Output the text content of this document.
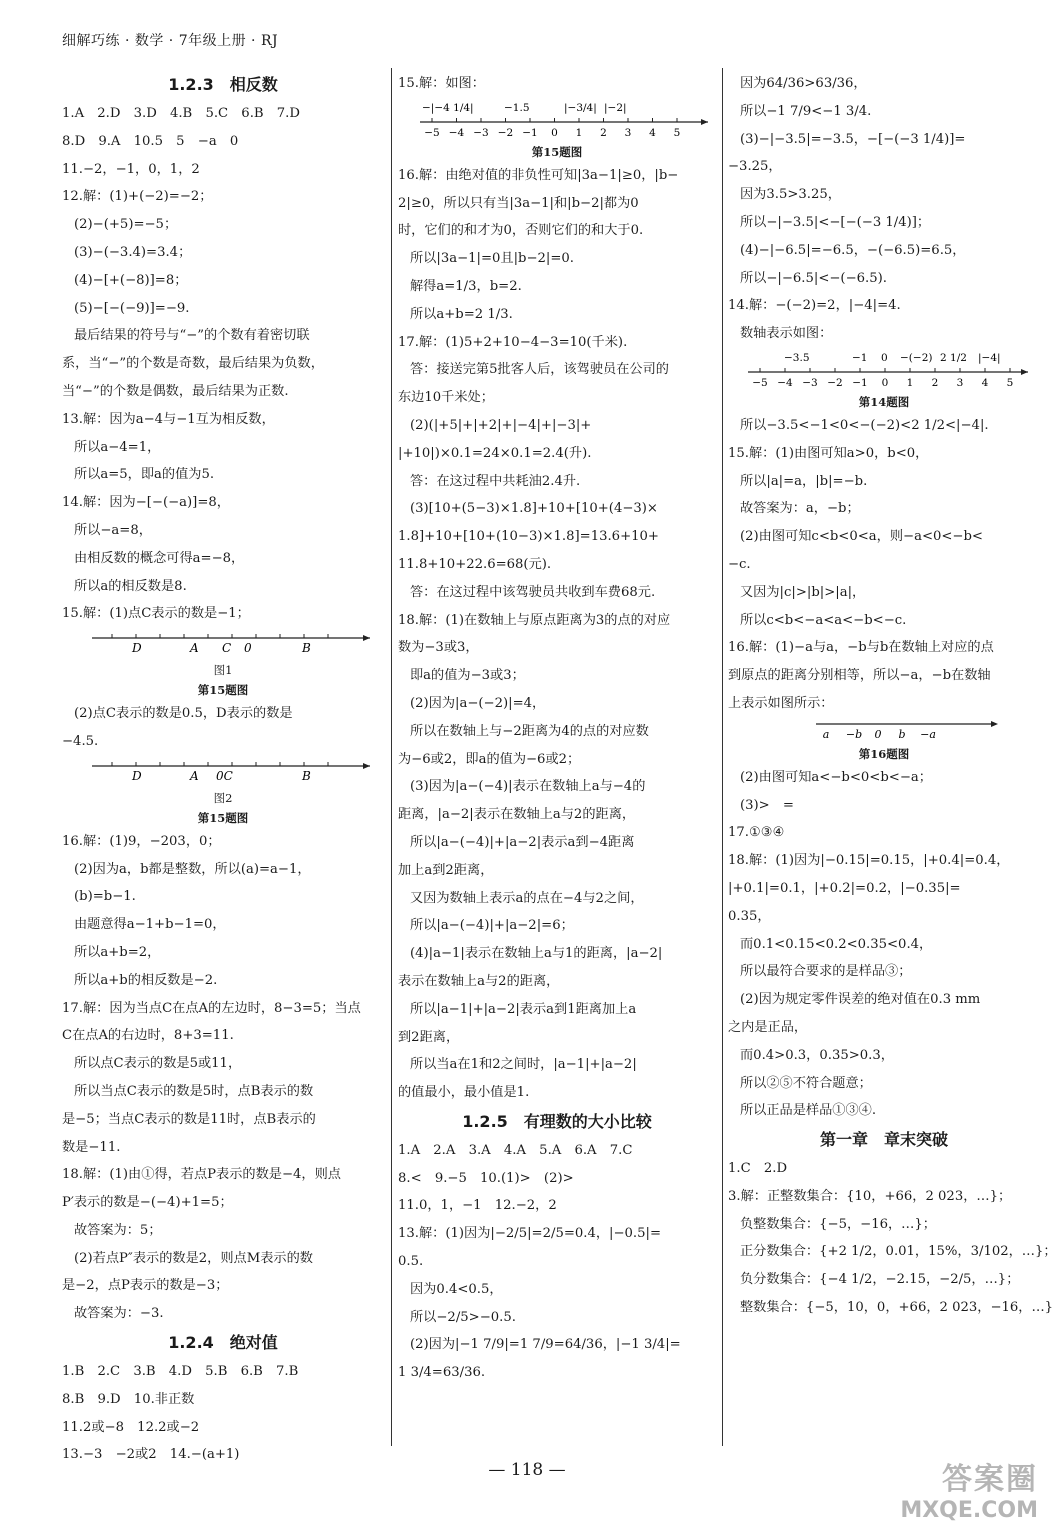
细解巧练 · 数学 · 7年级上册 · RJ
1.2.3　相反数
1.A　2.D　3.D　4.B　5.C　6.B　7.D
8.D　9.A　10.5　5　−a　0
11.−2，−1，0，1，2
12.解：(1)+(−2)=−2；
(2)−(+5)=−5；
(3)−(−3.4)=3.4；
(4)−[+(−8)]=8；
(5)−[−(−9)]=−9.
最后结果的符号与“−”的个数有着密切联
系，当“−”的个数是奇数，最后结果为负数，
当“−”的个数是偶数，最后结果为正数.
13.解：因为a−4与−1互为相反数，
所以a−4=1，
所以a=5，即a的值为5.
14.解：因为−[−(−a)]=8，
所以−a=8，
由相反数的概念可得a=−8，
所以a的相反数是8.
15.解：(1)点C表示的数是−1；
D	A C 0	B
图1
第15题图
(2)点C表示的数是0.5，D表示的数是
−4.5.
D	A 0C	B
图2
第15题图
16.解：(1)9，−203，0；
(2)因为a，b都是整数，所以(a)=a−1，
(b)=b−1.
由题意得a−1+b−1=0，
所以a+b=2，
所以a+b的相反数是−2.
17.解：因为当点C在点A的左边时，8−3=5；当点
C在点A的右边时，8+3=11.
所以点C表示的数是5或11，
所以当点C表示的数是5时，点B表示的数
是−5；当点C表示的数是11时，点B表示的
数是−11.
18.解：(1)由①得，若点P表示的数是−4，则点
P′表示的数是−(−4)+1=5；
故答案为：5；
(2)若点P″表示的数是2，则点M表示的数
是−2，点P表示的数是−3；
故答案为：−3.
1.2.4　绝对值
1.B　2.C　3.B　4.D　5.B　6.B　7.B
8.B　9.D　10.非正数
11.2或−8　12.2或−2
13.−3　−2或2　14.−(a+1)
15.解：如图：
−|−4 1/4|	−1.5	|−3/4| |−2|
−5 −4 −3 −2 −1 0 1 2 3 4 5
第15题图
16.解：由绝对值的非负性可知|3a−1|≥0，|b−
2|≥0，所以只有当|3a−1|和|b−2|都为0
时，它们的和才为0，否则它们的和大于0.
所以|3a−1|=0且|b−2|=0.
解得a=1/3，b=2.
所以a+b=2 1/3.
17.解：(1)5+2+10−4−3=10(千米).
答：接送完第5批客人后，该驾驶员在公司的
东边10千米处；
(2)(|+5|+|+2|+|−4|+|−3|+
|+10|)×0.1=24×0.1=2.4(升).
答：在这过程中共耗油2.4升.
(3)[10+(5−3)×1.8]+10+[10+(4−3)×
1.8]+10+[10+(10−3)×1.8]=13.6+10+
11.8+10+22.6=68(元).
答：在这过程中该驾驶员共收到车费68元.
18.解：(1)在数轴上与原点距离为3的点的对应
数为−3或3，
即a的值为−3或3；
(2)因为|a−(−2)|=4，
所以在数轴上与−2距离为4的点的对应数
为−6或2，即a的值为−6或2；
(3)因为|a−(−4)|表示在数轴上a与−4的
距离，|a−2|表示在数轴上a与2的距离，
所以|a−(−4)|+|a−2|表示a到−4距离
加上a到2距离，
又因为数轴上表示a的点在−4与2之间，
所以|a−(−4)|+|a−2|=6；
(4)|a−1|表示在数轴上a与1的距离，|a−2|
表示在数轴上a与2的距离，
所以|a−1|+|a−2|表示a到1距离加上a
到2距离，
所以当a在1和2之间时，|a−1|+|a−2|
的值最小，最小值是1.
1.2.5　有理数的大小比较
1.A　2.A　3.A　4.A　5.A　6.A　7.C
8.<　9.−5　10.(1)>　(2)>
11.0，1，−1　12.−2，2
13.解：(1)因为|−2/5|=2/5=0.4，|−0.5|=
0.5.
因为0.4<0.5，
所以−2/5>−0.5.
(2)因为|−1 7/9|=1 7/9=64/36，|−1 3/4|=
1 3/4=63/36.
因为64/36>63/36，
所以−1 7/9<−1 3/4.
(3)−|−3.5|=−3.5，−[−(−3 1/4)]=
−3.25，
因为3.5>3.25，
所以−|−3.5|<−[−(−3 1/4)]；
(4)−|−6.5|=−6.5，−(−6.5)=6.5，
所以−|−6.5|<−(−6.5).
14.解：−(−2)=2，|−4|=4.
数轴表示如图：
−3.5	−1 0 −(−2) 2 1/2 |−4|
−5 −4 −3 −2 −1 0 1 2 3 4 5
第14题图
所以−3.5<−1<0<−(−2)<2 1/2<|−4|.
15.解：(1)由图可知a>0，b<0，
所以|a|=a，|b|=−b.
故答案为：a，−b；
(2)由图可知c<b<0<a，则−a<0<−b<
−c.
又因为|c|>|b|>|a|，
所以c<b<−a<a<−b<−c.
16.解：(1)−a与a，−b与b在数轴上对应的点
到原点的距离分别相等，所以−a，−b在数轴
上表示如图所示：
a −b 0 b −a
第16题图
(2)由图可知a<−b<0<b<−a；
(3)>　=
17.①③④
18.解：(1)因为|−0.15|=0.15，|+0.4|=0.4，
|+0.1|=0.1，|+0.2|=0.2，|−0.35|=
0.35，
而0.1<0.15<0.2<0.35<0.4，
所以最符合要求的是样品③；
(2)因为规定零件误差的绝对值在0.3 mm
之内是正品，
而0.4>0.3，0.35>0.3，
所以②⑤不符合题意；
所以正品是样品①③④.
第一章　章末突破
1.C　2.D
3.解：正整数集合：{10，+66，2 023，…}；
负整数集合：{−5，−16，…}；
正分数集合：{+2 1/2，0.01，15%，3/102，…}；
负分数集合：{−4 1/2，−2.15，−2/5，…}；
整数集合：{−5，10，0，+66，2 023，−16，…}
— 118 —	答案圈
MXQE.COM
